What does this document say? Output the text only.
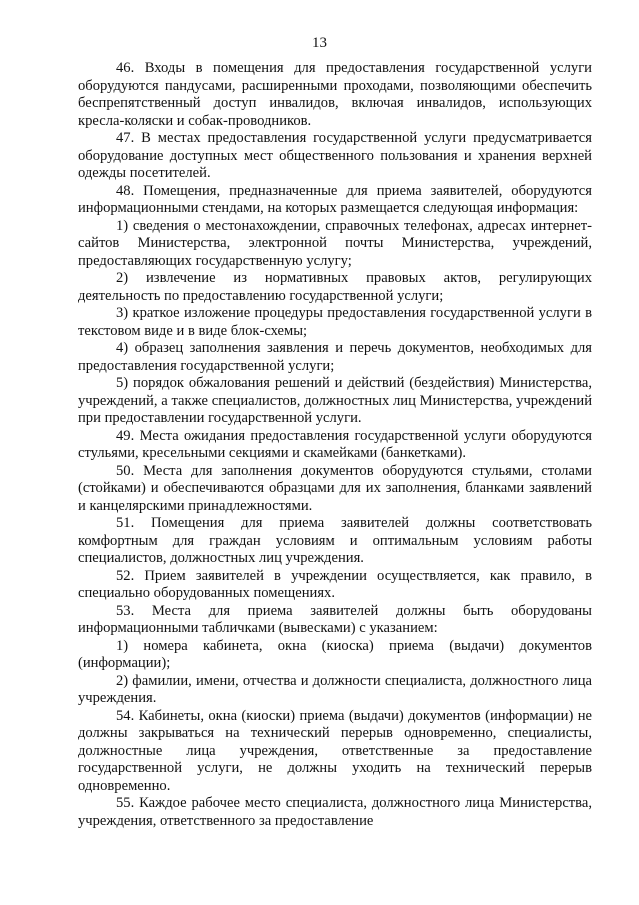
13

46. Входы в помещения для предоставления государственной услуги оборудуются пандусами, расширенными проходами, позволяющими обеспечить беспрепятственный доступ инвалидов, включая инвалидов, использующих кресла-коляски и собак-проводников.

47. В местах предоставления государственной услуги предусматривается оборудование доступных мест общественного пользования и хранения верхней одежды посетителей.

48. Помещения, предназначенные для приема заявителей, оборудуются информационными стендами, на которых размещается следующая информация:

1) сведения о местонахождении, справочных телефонах, адресах интернет-сайтов Министерства, электронной почты Министерства, учреждений, предоставляющих государственную услугу;

2) извлечение из нормативных правовых актов, регулирующих деятельность по предоставлению государственной услуги;

3) краткое изложение процедуры предоставления государственной услуги в текстовом виде и в виде блок-схемы;

4) образец заполнения заявления и перечь документов, необходимых для предоставления государственной услуги;

5) порядок обжалования решений и действий (бездействия) Министерства, учреждений, а также специалистов, должностных лиц Министерства, учреждений при предоставлении государственной услуги.

49. Места ожидания предоставления государственной услуги оборудуются стульями, кресельными секциями и скамейками (банкетками).

50. Места для заполнения документов оборудуются стульями, столами (стойками) и обеспечиваются образцами для их заполнения, бланками заявлений и канцелярскими принадлежностями.

51. Помещения для приема заявителей должны соответствовать комфортным для граждан условиям и оптимальным условиям работы специалистов, должностных лиц учреждения.

52. Прием заявителей в учреждении осуществляется, как правило, в специально оборудованных помещениях.

53. Места для приема заявителей должны быть оборудованы информационными табличками (вывесками) с указанием:

1) номера кабинета, окна (киоска) приема (выдачи) документов (информации);

2) фамилии, имени, отчества и должности специалиста, должностного лица учреждения.

54. Кабинеты, окна (киоски) приема (выдачи) документов (информации) не должны закрываться на технический перерыв одновременно, специалисты, должностные лица учреждения, ответственные за предоставление государственной услуги, не должны уходить на технический перерыв одновременно.

55. Каждое рабочее место специалиста, должностного лица Министерства, учреждения, ответственного за предоставление
